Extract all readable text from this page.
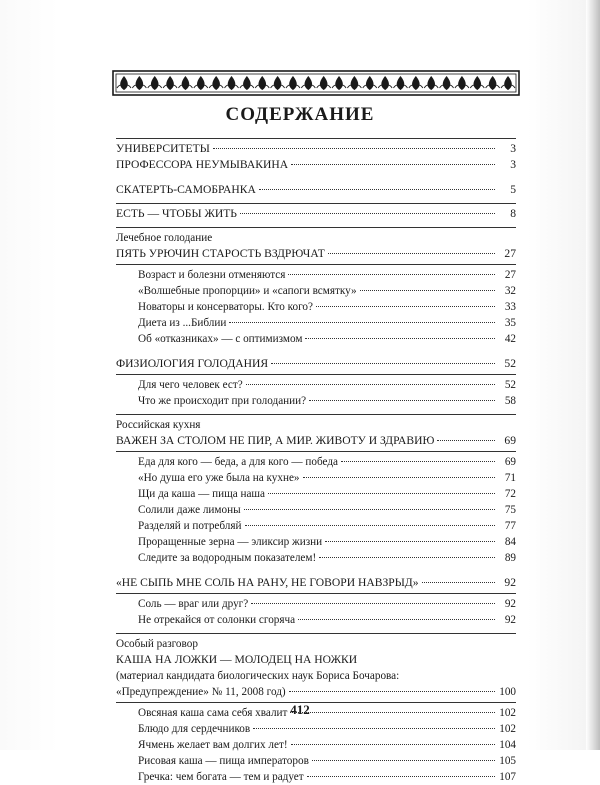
СОДЕРЖАНИЕ
УНИВЕРСИТЕТЫ	3
ПРОФЕССОРА НЕУМЫВАКИНА	3
СКАТЕРТЬ-САМОБРАНКА	5
ЕСТЬ — ЧТОБЫ ЖИТЬ	8
Лечебное голодание
ПЯТЬ УРЮЧИН СТАРОСТЬ ВЗДРЮЧАТ	27
Возраст и болезни отменяются	27
«Волшебные пропорции» и «сапоги всмятку»	32
Новаторы и консерваторы. Кто кого?	33
Диета из ...Библии	35
Об «отказниках» — с оптимизмом	42
ФИЗИОЛОГИЯ ГОЛОДАНИЯ	52
Для чего человек ест?	52
Что же происходит при голодании?	58
Российская кухня
ВАЖЕН ЗА СТОЛОМ НЕ ПИР, А МИР. ЖИВОТУ И ЗДРАВИЮ	69
Еда для кого — беда, а для кого — победа	69
«Но душа его уже была на кухне»	71
Щи да каша — пища наша	72
Солили даже лимоны	75
Разделяй и потребляй	77
Проращенные зерна — эликсир жизни	84
Следите за водородным показателем!	89
«НЕ СЫПЬ МНЕ СОЛЬ НА РАНУ, НЕ ГОВОРИ НАВЗРЫД»	92
Соль — враг или друг?	92
Не отрекайся от солонки сгоряча	92
Особый разговор
КАША НА ЛОЖКИ — МОЛОДЕЦ НА НОЖКИ
(материал кандидата биологических наук Бориса Бочарова:
«Предупреждение» № 11, 2008 год)	100
Овсяная каша сама себя хвалит	102
Блюдо для сердечников	102
Ячмень желает вам долгих лет!	104
Рисовая каша — пища императоров	105
Гречка: чем богата — тем и радует	107
412
